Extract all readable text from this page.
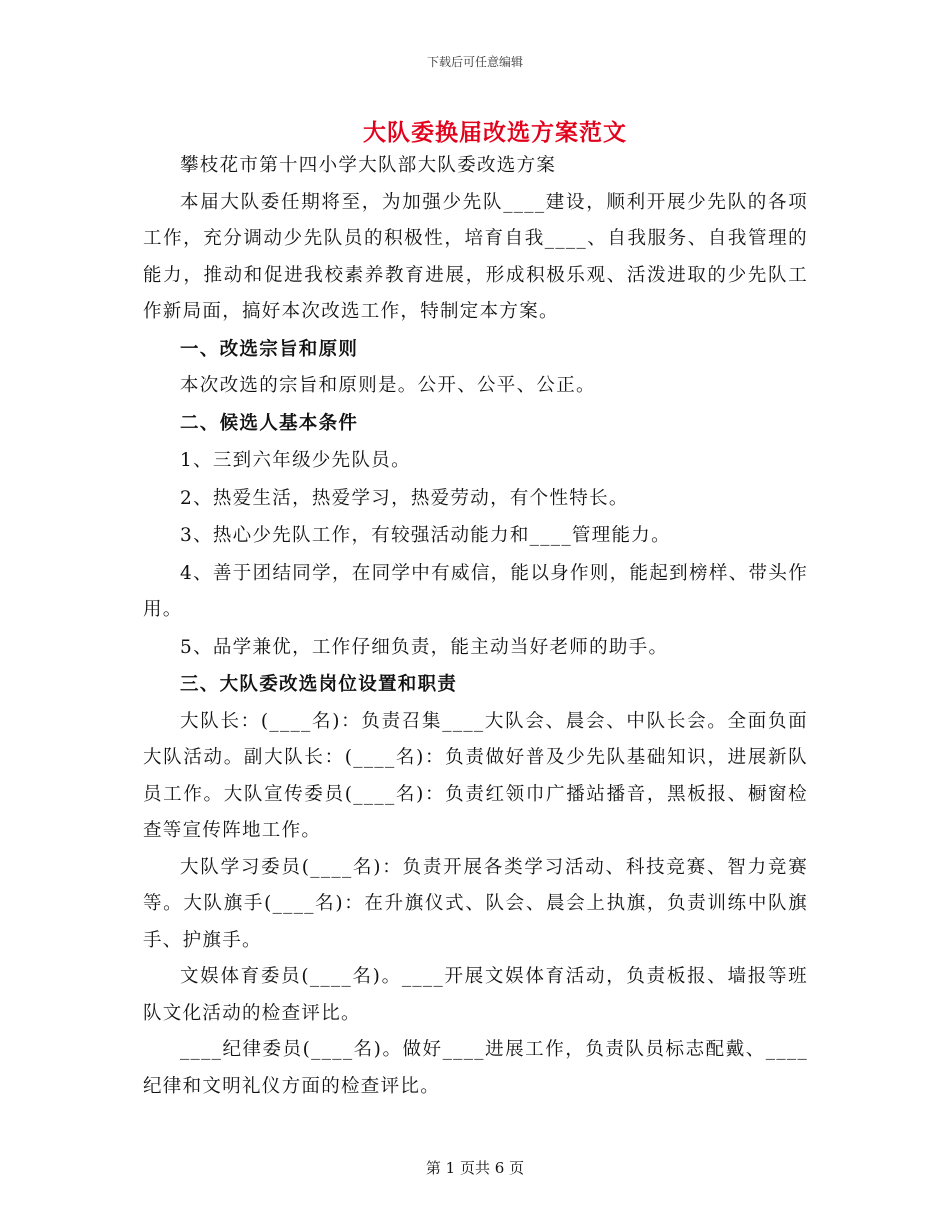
下载后可任意编辑
大队委换届改选方案范文

攀枝花市第十四小学大队部大队委改选方案

本届大队委任期将至，为加强少先队____建设，顺利开展少先队的各项工作，充分调动少先队员的积极性，培育自我____、自我服务、自我管理的能力，推动和促进我校素养教育进展，形成积极乐观、活泼进取的少先队工作新局面，搞好本次改选工作，特制定本方案。

一、改选宗旨和原则

本次改选的宗旨和原则是。公开、公平、公正。

二、候选人基本条件

1、三到六年级少先队员。

2、热爱生活，热爱学习，热爱劳动，有个性特长。

3、热心少先队工作，有较强活动能力和____管理能力。

4、善于团结同学，在同学中有威信，能以身作则，能起到榜样、带头作用。

5、品学兼优，工作仔细负责，能主动当好老师的助手。

三、大队委改选岗位设置和职责

大队长：(____名)：负责召集____大队会、晨会、中队长会。全面负面大队活动。副大队长：(____名)：负责做好普及少先队基础知识，进展新队员工作。大队宣传委员(____名)：负责红领巾广播站播音，黑板报、橱窗检查等宣传阵地工作。

大队学习委员(____名)：负责开展各类学习活动、科技竞赛、智力竞赛等。大队旗手(____名)：在升旗仪式、队会、晨会上执旗，负责训练中队旗手、护旗手。

文娱体育委员(____名)。____开展文娱体育活动，负责板报、墙报等班队文化活动的检查评比。

____纪律委员(____名)。做好____进展工作，负责队员标志配戴、____纪律和文明礼仪方面的检查评比。

第 1 页共 6 页
